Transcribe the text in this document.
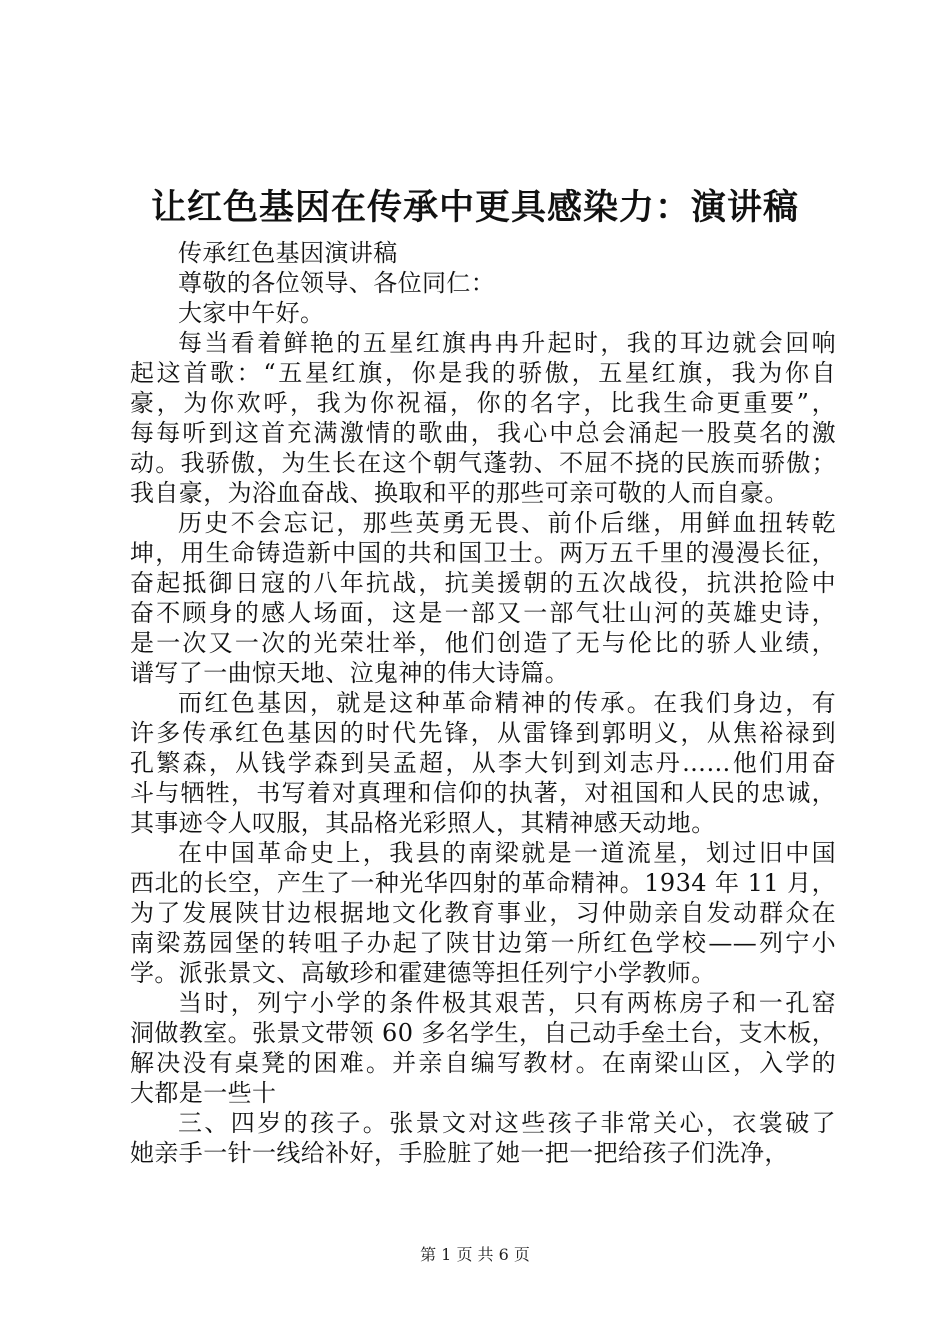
让红色基因在传承中更具感染力：演讲稿
传承红色基因演讲稿
尊敬的各位领导、各位同仁：
大家中午好。
每当看着鲜艳的五星红旗冉冉升起时，我的耳边就会回响
起这首歌：“五星红旗，你是我的骄傲，五星红旗，我为你自
豪，为你欢呼，我为你祝福，你的名字，比我生命更重要”，
每每听到这首充满激情的歌曲，我心中总会涌起一股莫名的激
动。我骄傲，为生长在这个朝气蓬勃、不屈不挠的民族而骄傲；
我自豪，为浴血奋战、换取和平的那些可亲可敬的人而自豪。
历史不会忘记，那些英勇无畏、前仆后继，用鲜血扭转乾
坤，用生命铸造新中国的共和国卫士。两万五千里的漫漫长征，
奋起抵御日寇的八年抗战，抗美援朝的五次战役，抗洪抢险中
奋不顾身的感人场面，这是一部又一部气壮山河的英雄史诗，
是一次又一次的光荣壮举，他们创造了无与伦比的骄人业绩，
谱写了一曲惊天地、泣鬼神的伟大诗篇。
而红色基因，就是这种革命精神的传承。在我们身边，有
许多传承红色基因的时代先锋，从雷锋到郭明义，从焦裕禄到
孔繁森，从钱学森到吴孟超，从李大钊到刘志丹……他们用奋
斗与牺牲，书写着对真理和信仰的执著，对祖国和人民的忠诚，
其事迹令人叹服，其品格光彩照人，其精神感天动地。
在中国革命史上，我县的南梁就是一道流星，划过旧中国
西北的长空，产生了一种光华四射的革命精神。1934 年 11 月，
为了发展陕甘边根据地文化教育事业，习仲勋亲自发动群众在
南梁荔园堡的转咀子办起了陕甘边第一所红色学校——列宁小
学。派张景文、高敏珍和霍建德等担任列宁小学教师。
当时，列宁小学的条件极其艰苦，只有两栋房子和一孔窑
洞做教室。张景文带领 60 多名学生，自己动手垒土台，支木板，
解决没有桌凳的困难。并亲自编写教材。在南梁山区，入学的
大都是一些十
三、四岁的孩子。张景文对这些孩子非常关心，衣裳破了
她亲手一针一线给补好，手脸脏了她一把一把给孩子们洗净，
第 1 页 共 6 页
